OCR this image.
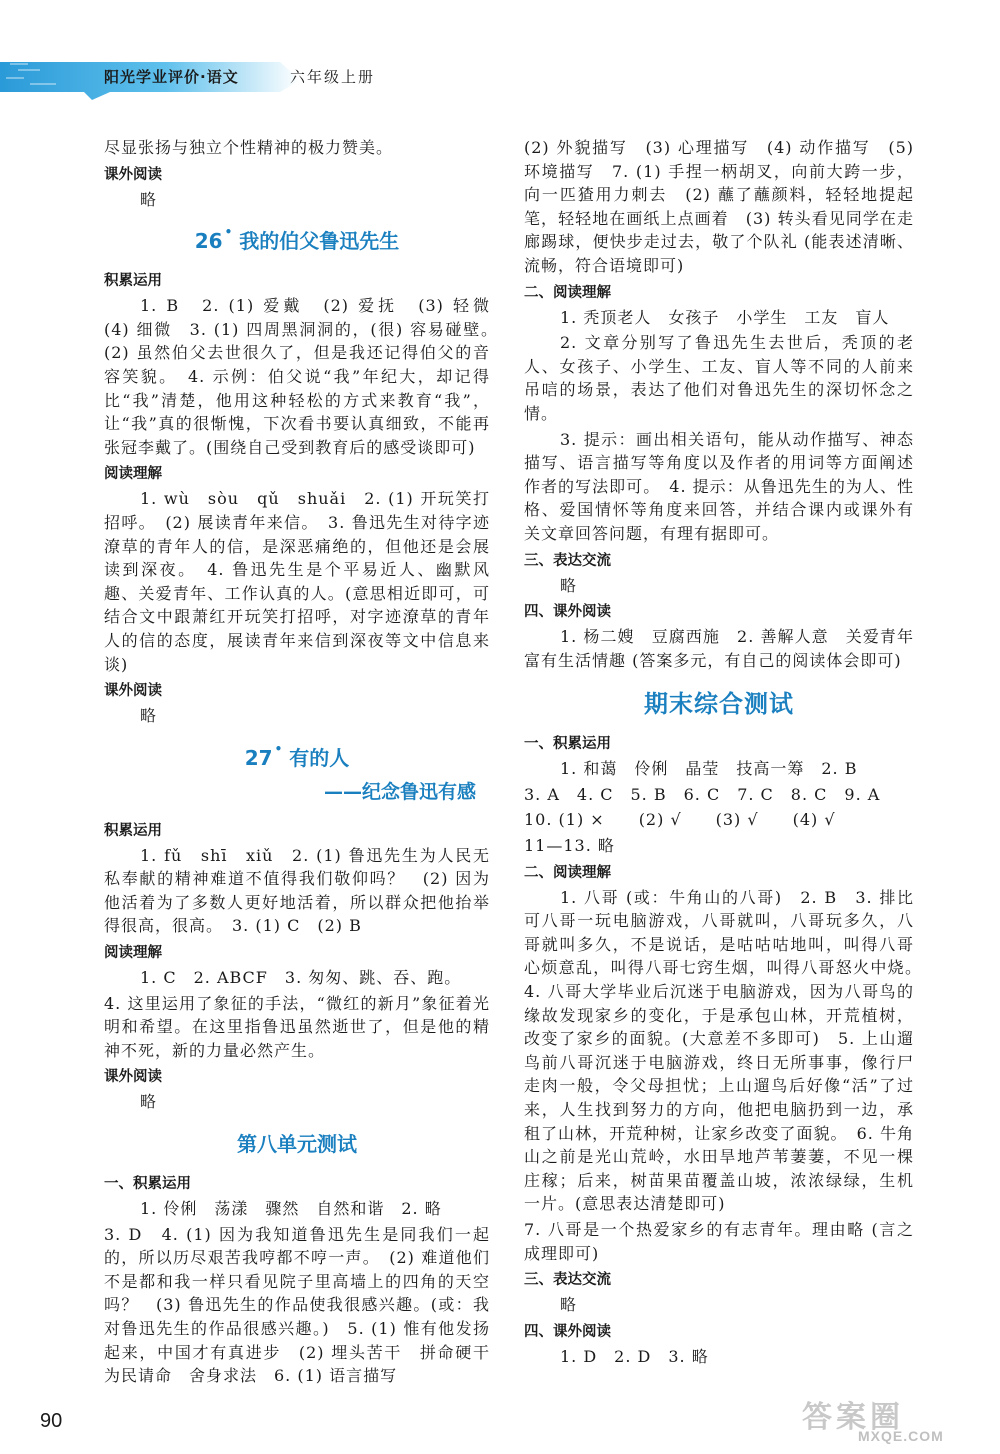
阳光学业评价·语文	六年级上册

尽显张扬与独立个性精神的极力赞美。

课外阅读

略

26 • 我的伯父鲁迅先生
积累运用

1. B　2. (1) 爱戴　(2) 爱抚　(3) 轻微　(4) 细微　3. (1) 四周黑洞洞的，(很) 容易碰壁。　(2) 虽然伯父去世很久了，但是我还记得伯父的音容笑貌。　4. 示例：伯父说“我”年纪大，却记得比“我”清楚，他用这种轻松的方式来教育“我”，让“我”真的很惭愧，下次看书要认真细致，不能再张冠李戴了。(围绕自己受到教育后的感受谈即可)

阅读理解

1. wù　sòu　qǔ　shuǎi　2. (1) 开玩笑打招呼。　(2) 展读青年来信。　3. 鲁迅先生对待字迹潦草的青年人的信，是深恶痛绝的，但他还是会展读到深夜。　4. 鲁迅先生是个平易近人、幽默风趣、关爱青年、工作认真的人。(意思相近即可，可结合文中跟萧红开玩笑打招呼，对字迹潦草的青年人的信的态度，展读青年来信到深夜等文中信息来谈)

课外阅读

略

27 • 有的人
——纪念鲁迅有感
积累运用

1. fǔ　shī　xiǔ　2. (1) 鲁迅先生为人民无私奉献的精神难道不值得我们敬仰吗？　(2) 因为他活着为了多数人更好地活着，所以群众把他抬举得很高，很高。　3. (1) C　(2) B

阅读理解

1. C　2. ABCF　3. 匆匆、跳、吞、跑。

4. 这里运用了象征的手法，“微红的新月”象征着光明和希望。在这里指鲁迅虽然逝世了，但是他的精神不死，新的力量必然产生。

课外阅读

略

第八单元测试
一、积累运用

1. 伶俐　荡漾　骤然　自然和谐　2. 略

3. D　4. (1) 因为我知道鲁迅先生是同我们一起的，所以历尽艰苦我哼都不哼一声。　(2) 难道他们不是都和我一样只看见院子里高墙上的四角的天空吗？　(3) 鲁迅先生的作品使我很感兴趣。(或：我对鲁迅先生的作品很感兴趣。)　5. (1) 惟有他发扬起来，中国才有真进步　(2) 埋头苦干　拼命硬干　为民请命　舍身求法　6. (1) 语言描写

(2) 外貌描写　(3) 心理描写　(4) 动作描写　(5) 环境描写　7. (1) 手捏一柄胡叉，向前大跨一步，向一匹猹用力刺去　(2) 蘸了蘸颜料，轻轻地提起笔，轻轻地在画纸上点画着　(3) 转头看见同学在走廊踢球，便快步走过去，敬了个队礼 (能表述清晰、流畅，符合语境即可)

二、阅读理解

1. 秃顶老人　女孩子　小学生　工友　盲人

2. 文章分别写了鲁迅先生去世后，秃顶的老人、女孩子、小学生、工友、盲人等不同的人前来吊唁的场景，表达了他们对鲁迅先生的深切怀念之情。

3. 提示：画出相关语句，能从动作描写、神态描写、语言描写等角度以及作者的用词等方面阐述作者的写法即可。　4. 提示：从鲁迅先生的为人、性格、爱国情怀等角度来回答，并结合课内或课外有关文章回答问题，有理有据即可。

三、表达交流

略

四、课外阅读

1. 杨二嫂　豆腐西施　2. 善解人意　关爱青年　富有生活情趣 (答案多元，有自己的阅读体会即可)

期末综合测试
一、积累运用

1. 和蔼　伶俐　晶莹　技高一筹　2. B

3. A　4. C　5. B　6. C　7. C　8. C　9. A

10. (1) ×　　(2) √　　(3) √　　(4) √

11—13. 略

二、阅读理解

1. 八哥 (或：牛角山的八哥)　2. B　3. 排比　可八哥一玩电脑游戏，八哥就叫，八哥玩多久，八哥就叫多久，不是说话，是咕咕咕地叫，叫得八哥心烦意乱，叫得八哥七窍生烟，叫得八哥怒火中烧。　4. 八哥大学毕业后沉迷于电脑游戏，因为八哥鸟的缘故发现家乡的变化，于是承包山林，开荒植树，改变了家乡的面貌。(大意差不多即可)　5. 上山遛鸟前八哥沉迷于电脑游戏，终日无所事事，像行尸走肉一般，令父母担忧；上山遛鸟后好像“活”了过来，人生找到努力的方向，他把电脑扔到一边，承租了山林，开荒种树，让家乡改变了面貌。　6. 牛角山之前是光山荒岭，水田旱地芦苇萋萋，不见一棵庄稼；后来，树苗果苗覆盖山坡，浓浓绿绿，生机一片。(意思表达清楚即可)

7. 八哥是一个热爱家乡的有志青年。理由略 (言之成理即可)

三、表达交流

略

四、课外阅读

1. D　2. D　3. 略

90	答案圈
MXQE.COM
